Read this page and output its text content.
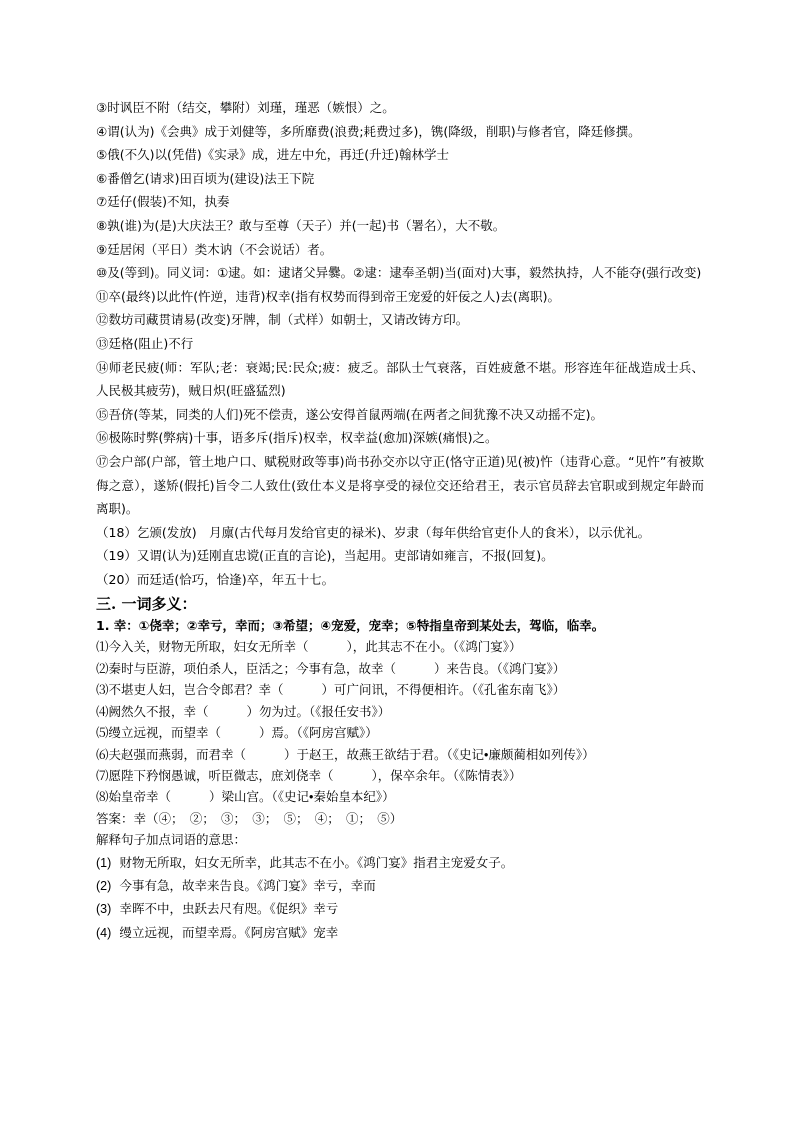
③时讽臣不附（结交，攀附）刘瑾，瑾恶（嫉恨）之。

④谓(认为)《会典》成于刘健等，多所靡费(浪费;耗费过多)，镌(降级，削职)与修者官，降廷修撰。

⑤俄(不久)以(凭借)《实录》成，进左中允，再迁(升迁)翰林学士

⑥番僧乞(请求)田百顷为(建设)法王下院

⑦廷仔(假装)不知，执奏

⑧孰(谁)为(是)大庆法王？敢与至尊（天子）并(一起)书（署名），大不敬。

⑨廷居闲（平日）类木讷（不会说话）者。

⑩及(等到)。同义词：①逮。如：逮诸父异爨。②逮：逮奉圣朝)当(面对)大事，毅然执持，人不能夺(强行改变)

⑪卒(最终)以此忤(忤逆，违背)权幸(指有权势而得到帝王宠爱的奸佞之人)去(离职)。

⑫数坊司藏贯请易(改变)牙牌，制（式样）如朝士，又请改铸方印。

⑬廷格(阻止)不行

⑭师老民疲(师：军队;老：衰竭;民:民众;疲：疲乏。部队士气衰落，百姓疲惫不堪。形容连年征战造成士兵、人民极其疲劳)，贼日炽(旺盛猛烈)

⑮吾侪(等某，同类的人们)死不偿责，遂公安得首鼠两端(在两者之间犹豫不决又动摇不定)。

⑯极陈时弊(弊病)十事，语多斥(指斥)权幸，权幸益(愈加)深嫉(痛恨)之。

⑰会户部(户部，管土地户口、赋税财政等事)尚书孙交亦以守正(恪守正道)见(被)忤（违背心意。“见忤”有被欺侮之意），遂矫(假托)旨令二人致仕(致仕本义是将享受的禄位交还给君王，表示官员辞去官职或到规定年龄而离职)。

（18）乞颁(发放)　月廪(古代每月发给官吏的禄米)、岁隶（每年供给官吏仆人的食米），以示优礼。

（19）又谓(认为)廷刚直忠谠(正直的言论)，当起用。吏部请如雍言，不报(回复)。

（20）而廷适(恰巧，恰逢)卒，年五十七。

三. 一词多义：

1. 幸：①侥幸；②幸亏，幸而；③希望；④宠爱，宠幸；⑤特指皇帝到某处去，驾临，临幸。

⑴今入关，财物无所取，妇女无所幸（	），此其志不在小。（《鸿门宴》）

⑵秦时与臣游，项伯杀人，臣活之；今事有急，故幸（	）来告良。（《鸿门宴》）

⑶不堪吏人妇，岂合令郎君？幸（	）可广问讯，不得便相许。（《孔雀东南飞》）

⑷阙然久不报，幸（	）勿为过。（《报任安书》）

⑸缦立远视，而望幸（	）焉。（《阿房宫赋》）

⑹夫赵强而燕弱，而君幸（	）于赵王，故燕王欲结于君。（《史记•廉颇蔺相如列传》）

⑺愿陛下矜悯愚诚，听臣微志，庶刘侥幸（	），保卒余年。（《陈情表》）

⑻始皇帝幸（	）梁山宫。（《史记•秦始皇本纪》）

答案：幸（④；　②；　③；　③；　⑤；　④；　①；　⑤）

解释句子加点词语的意思：

(1) 财物无所取，妇女无所幸，此其志不在小。《鸿门宴》指君主宠爱女子。

(2) 今事有急，故幸来告良。《鸿门宴》幸亏，幸而

(3) 幸晖不中，虫跃去尺有咫。《促织》幸亏

(4) 缦立远视，而望幸焉。《阿房宫赋》宠幸
